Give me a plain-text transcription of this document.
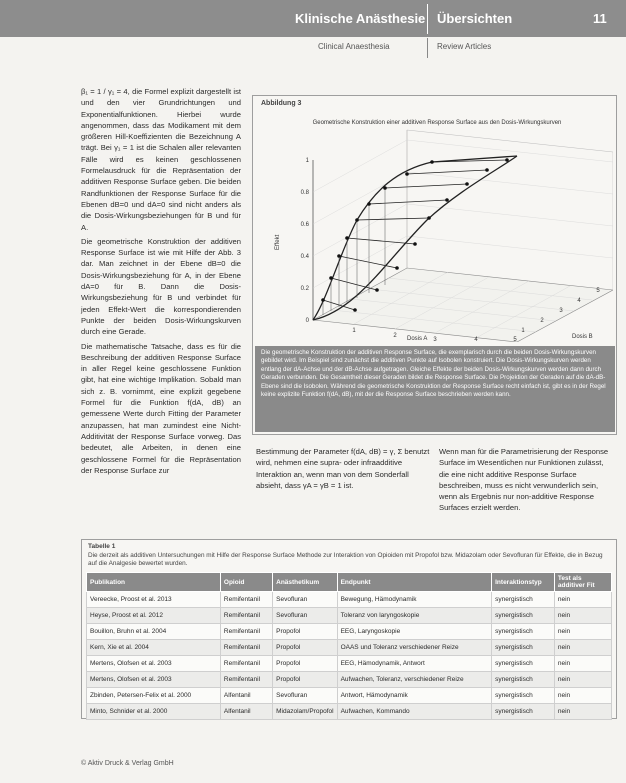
Klinische Anästhesie Übersichten	11
Clinical Anaesthesia	Review Articles

β₁ = 1 / γ₁ = 4, die Formel explizit dargestellt ist und den vier Grundrichtungen und Exponentialfunktionen. Hierbei wurde angenommen, dass das Modikament mit dem größeren Hill-Koeffizienten die Bezeichnung A trägt. Bei γ₁ = 1 ist die Schalen aller relevanten Fälle wird es keinen geschlossenen Formelausdruck für die Repräsentation der additiven Response Surface geben. Die beiden Randfunktionen der Response Surface für die Ebenen dB=0 und dA=0 sind nicht anders als die Dosis-Wirkungsbeziehungen für B und für A.

Die geometrische Konstruktion der additiven Response Surface ist wie mit Hilfe der Abb. 3 dar. Man zeichnet in der Ebene dB=0 die Dosis-Wirkungsbeziehung für A, in der Ebene dA=0 für B. Dann die Dosis-Wirkungsbeziehung für B und verbindet für jeden Effekt-Wert die korrespondierenden Punkte der beiden Dosis-Wirkungskurven durch eine Gerade.

Die mathematische Tatsache, dass es für die Beschreibung der additiven Response Surface in aller Regel keine geschlossene Funktion gibt, hat eine wichtige Implikation. Sobald man sich z. B. vornimmt, eine explizit gegebene Formel für die Funktion f(dA, dB) an gemessene Werte durch Fitting der Parameter anzupassen, hat man zumindest eine Nicht-Additivität der Response Surface vorweg. Das bedeutet, alle Arbeiten, in denen eine geschlossene Formel für die Repräsentation der Response Surface zur

Abbildung 3
Geometrische Konstruktion einer additiven Response Surface aus den Dosis-Wirkungskurven
0
0.2
0.4
0.6
0.8
1
Effekt
1
2
3	4	5
1
2
3
4
5
Dosis A	Dosis B
Die geometrische Konstruktion der additiven Response Surface, die exemplarisch durch die beiden Dosis-Wirkungskurven gebildet wird. Im Beispiel sind zunächst die additiven Punkte auf Isobolen konstruiert. Die Dosis-Wirkungskurven werden entlang der dA-Achse und der dB-Achse aufgetragen. Gleiche Effekte der beiden Dosis-Wirkungskurven werden dann durch Geraden verbunden. Die Gesamtheit dieser Geraden bildet die Response Surface. Die Projektion der Geraden auf die dA-dB-Ebene sind die Isobolen. Während die geometrische Konstruktion der Response Surface recht einfach ist, gibt es in der Regel keine explizite Funktion f(dA, dB), mit der die Response Surface beschrieben werden kann.
Bestimmung der Parameter f(dA, dB) = γ, Σ benutzt wird, nehmen eine supra- oder infraadditive Interaktion an, wenn man von dem Sonderfall absieht, dass γA = γB = 1 ist.
Wenn man für die Parametrisierung der Response Surface im Wesentlichen nur Funktionen zulässt, die eine nicht additive Response Surface beschreiben, muss es nicht verwunderlich sein, wenn als Ergebnis nur non-additive Response Surfaces erzielt werden.
Tabelle 1
Die derzeit als additiven Untersuchungen mit Hilfe der Response Surface Methode zur Interaktion von Opioiden mit Propofol bzw. Midazolam oder Sevofluran für Effekte, die in Bezug auf die Analgesie bewertet wurden.
Publikation	Opioid	Anästhetikum	Endpunkt	Interaktionstyp	Test als additiver Fit
Vereecke, Proost et al. 2013	Remifentanil	Sevofluran	Bewegung, Hämodynamik	synergistisch	nein
Heyse, Proost et al. 2012	Remifentanil	Sevofluran	Toleranz von laryngoskopie	synergistisch	nein
Bouillon, Bruhn et al. 2004	Remifentanil	Propofol	EEG, Laryngoskopie	synergistisch	nein
Kern, Xie et al. 2004	Remifentanil	Propofol	OAAS und Toleranz verschiedener Reize	synergistisch	nein
Mertens, Olofsen et al. 2003	Remifentanil	Propofol	EEG, Hämodynamik, Antwort	synergistisch	nein
Mertens, Olofsen et al. 2003	Remifentanil	Propofol	Aufwachen, Toleranz, verschiedener Reize	synergistisch	nein
Zbinden, Petersen-Felix et al. 2000	Alfentanil	Sevofluran	Antwort, Hämodynamik	synergistisch	nein
Minto, Schnider et al. 2000	Alfentanil	Midazolam/Propofol	Aufwachen, Kommando	synergistisch	nein
© Aktiv Druck & Verlag GmbH
